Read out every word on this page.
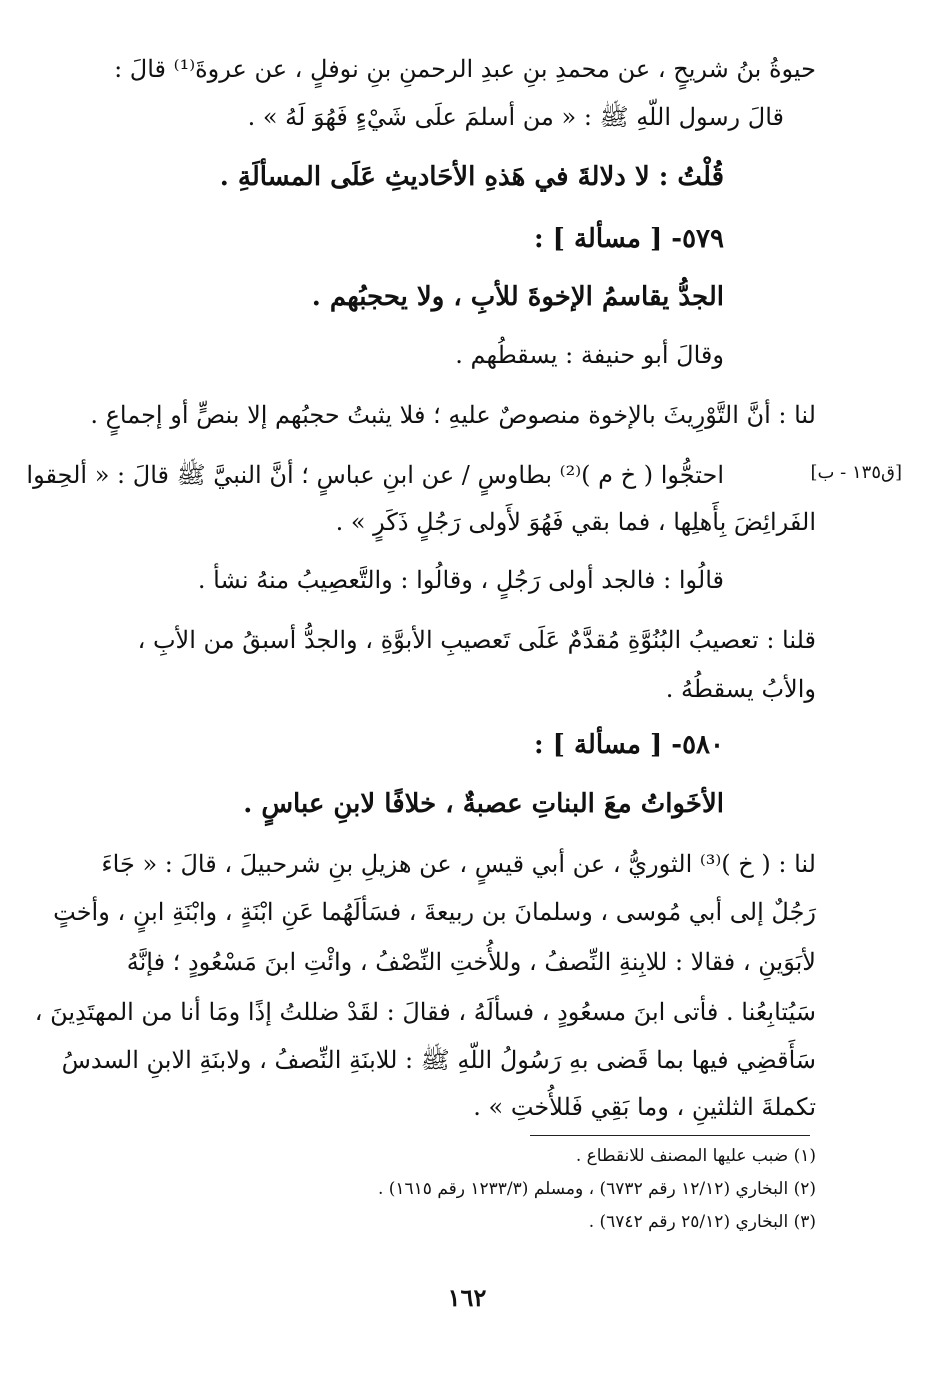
حيوةُ بنُ شريحٍ ، عن محمدِ بنِ عبدِ الرحمنِ بنِ نوفلٍ ، عن عروةَ⁽¹⁾ قالَ :
قالَ رسول اللّهِ ﷺ : « من أسلمَ علَى شَيْءٍ فَهُوَ لَهُ » .
قُلْتُ : لا دلالةَ في هَذهِ الأحَاديثِ عَلَى المسألَةِ .
٥٧٩- [ مسألة ] :
الجدُّ يقاسمُ الإخوةَ للأبِ ، ولا يحجبُهم .
وقالَ أبو حنيفة : يسقطُهم .
لنا : أنَّ التَّوْرِيثَ بالإخوة منصوصٌ عليهِ ؛ فلا يثبتُ حجبُهم إلا بنصٍّ أو إجماعٍ .
[ق١٣٥ - ب]
احتجُّوا ( خ م )⁽²⁾ بطاوسٍ / عن ابنِ عباسٍ ؛ أنَّ النبيَّ ﷺ قالَ : « ألحِقوا
الفَرائِضَ بِأَهلِها ، فما بقي فَهُوَ لأَولى رَجُلٍ ذَكَرٍ » .
قالُوا : فالجد أولى رَجُلٍ ، وقالُوا : والتَّعصِيبُ منهُ نشأ .
قلنا : تعصيبُ البُنُوَّةِ مُقدَّمٌ عَلَى تَعصيبِ الأبوَّةِ ، والجدُّ أسبقُ من الأبِ ،
والأبُ يسقطُهُ .
٥٨٠- [ مسألة ] :
الأخَواتُ معَ البناتِ عصبةٌ ، خلافًا لابنِ عباسٍ .
لنا : ( خ )⁽³⁾ الثوريُّ ، عن أبي قيسٍ ، عن هزيلِ بنِ شرحبيلَ ، قالَ : « جَاءَ
رَجُلٌ إلى أبي مُوسى ، وسلمانَ بن ربيعةَ ، فسَألَهُما عَنِ ابْنَةٍ ، وابْنَةِ ابنٍ ، وأختٍ
لأبَوَينِ ، فقالا : للابِنةِ النِّصفُ ، وللأُختِ النِّصْفُ ، وائْتِ ابنَ مَسْعُودٍ ؛ فإنَّهُ
سَيُتابِعُنا . فأتى ابنَ مسعُودٍ ، فسألَهُ ، فقالَ : لقَدْ ضللتُ إذًا ومَا أنا من المهتَدِينَ ،
سَأَقضِي فيها بما قَضى بهِ رَسُولُ اللّهِ ﷺ : للابنَةِ النِّصفُ ، ولابنَةِ الابنِ السدسُ
تكملةَ الثلثينِ ، وما بَقِي فَللأُختِ » .
(١) ضبب عليها المصنف للانقطاع .
(٢) البخاري (١٢/١٢ رقم ٦٧٣٢) ، ومسلم (١٢٣٣/٣ رقم ١٦١٥) .
(٣) البخاري (٢٥/١٢ رقم ٦٧٤٢) .
١٦٢
